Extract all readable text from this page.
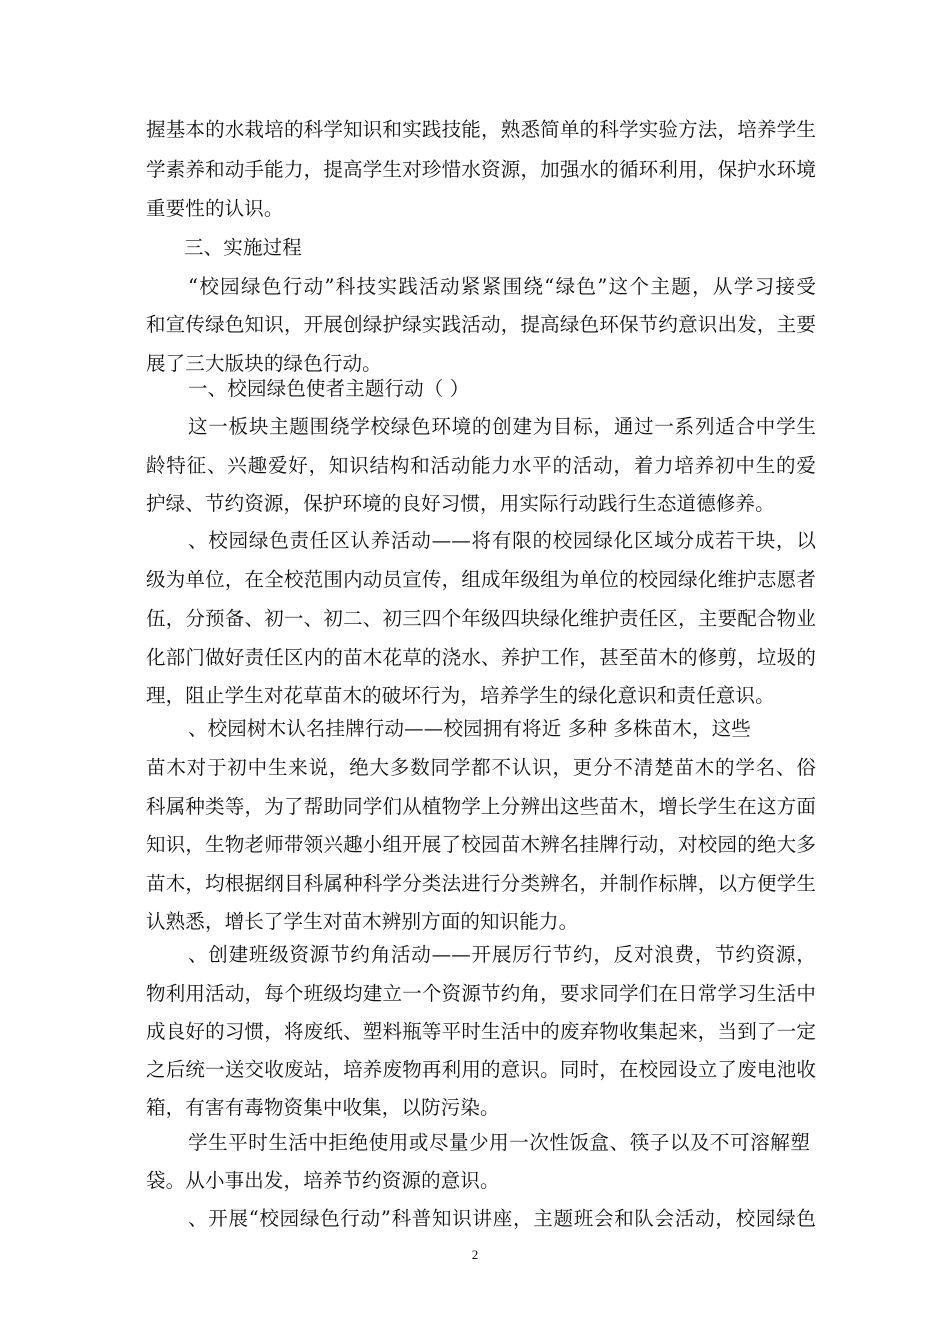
握基本的水栽培的科学知识和实践技能，熟悉简单的科学实验方法，培养学生
学素养和动手能力，提高学生对珍惜水资源，加强水的循环利用，保护水环境
重要性的认识。
三、实施过程
“校园绿色行动”科技实践活动紧紧围绕“绿色”这个主题，从学习接受
和宣传绿色知识，开展创绿护绿实践活动，提高绿色环保节约意识出发，主要
展了三大版块的绿色行动。
一、校园绿色使者主题行动（ ）
这一板块主题围绕学校绿色环境的创建为目标，通过一系列适合中学生
龄特征、兴趣爱好，知识结构和活动能力水平的活动，着力培养初中生的爱
护绿、节约资源，保护环境的良好习惯，用实际行动践行生态道德修养。
、校园绿色责任区认养活动——将有限的校园绿化区域分成若干块，以
级为单位，在全校范围内动员宣传，组成年级组为单位的校园绿化维护志愿者
伍，分预备、初一、初二、初三四个年级四块绿化维护责任区，主要配合物业
化部门做好责任区内的苗木花草的浇水、养护工作，甚至苗木的修剪，垃圾的
理，阻止学生对花草苗木的破坏行为，培养学生的绿化意识和责任意识。
、校园树木认名挂牌行动——校园拥有将近 多种 多株苗木，这些
苗木对于初中生来说，绝大多数同学都不认识，更分不清楚苗木的学名、俗
科属种类等，为了帮助同学们从植物学上分辨出这些苗木，增长学生在这方面
知识，生物老师带领兴趣小组开展了校园苗木辨名挂牌行动，对校园的绝大多
苗木，均根据纲目科属种科学分类法进行分类辨名，并制作标牌，以方便学生
认熟悉，增长了学生对苗木辨别方面的知识能力。
、创建班级资源节约角活动——开展厉行节约，反对浪费，节约资源，
物利用活动，每个班级均建立一个资源节约角，要求同学们在日常学习生活中
成良好的习惯，将废纸、塑料瓶等平时生活中的废弃物收集起来，当到了一定
之后统一送交收废站，培养废物再利用的意识。同时，在校园设立了废电池收
箱，有害有毒物资集中收集，以防污染。
学生平时生活中拒绝使用或尽量少用一次性饭盒、筷子以及不可溶解塑
袋。从小事出发，培养节约资源的意识。
、开展“校园绿色行动”科普知识讲座，主题班会和队会活动，校园绿色
2
